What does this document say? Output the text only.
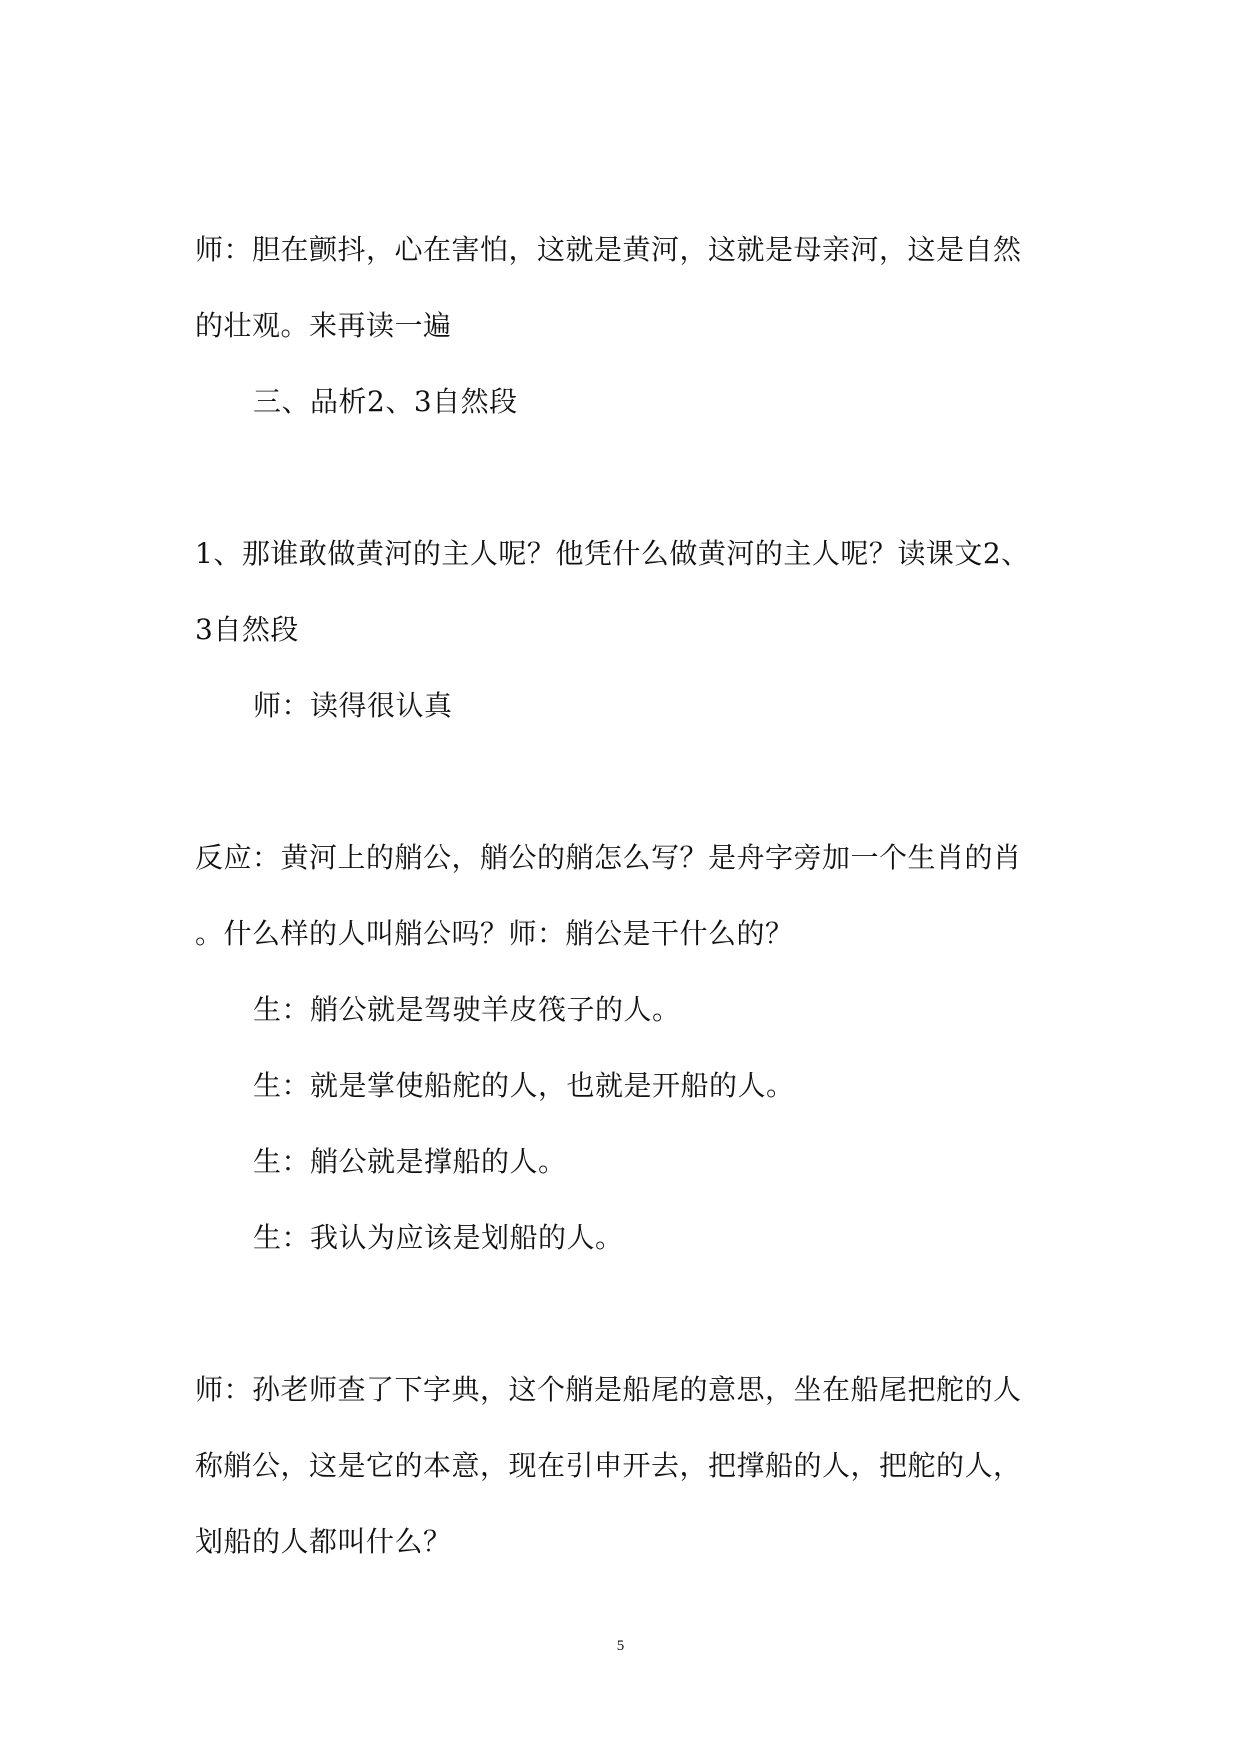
师：胆在颤抖，心在害怕，这就是黄河，这就是母亲河，这是自然
的壮观。来再读一遍
三、品析2、3自然段
1、那谁敢做黄河的主人呢？他凭什么做黄河的主人呢？读课文2、
3自然段
师：读得很认真
反应：黄河上的艄公，艄公的艄怎么写？是舟字旁加一个生肖的肖
。什么样的人叫艄公吗？师：艄公是干什么的？
生：艄公就是驾驶羊皮筏子的人。
生：就是掌使船舵的人，也就是开船的人。
生：艄公就是撑船的人。
生：我认为应该是划船的人。
师：孙老师查了下字典，这个艄是船尾的意思，坐在船尾把舵的人
称艄公，这是它的本意，现在引申开去，把撑船的人，把舵的人，
划船的人都叫什么？
5
